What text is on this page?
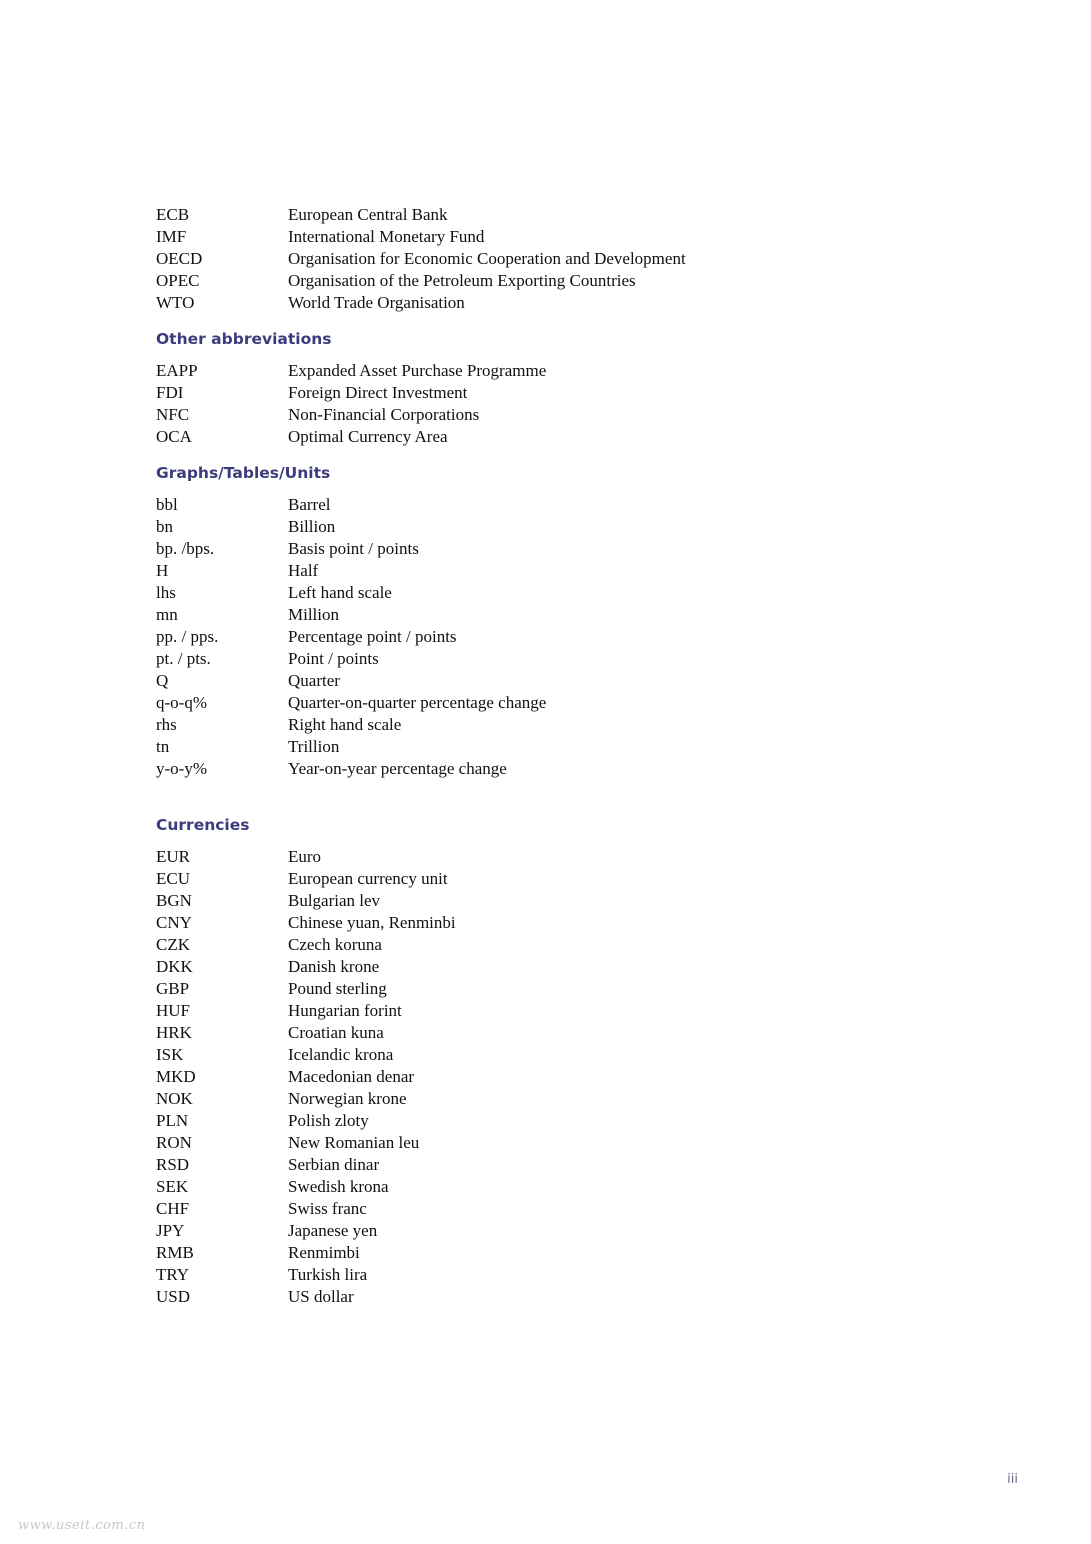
ECB	European Central Bank
IMF	International Monetary Fund
OECD	Organisation for Economic Cooperation and Development
OPEC	Organisation of the Petroleum Exporting Countries
WTO	World Trade Organisation
Other abbreviations
EAPP	Expanded Asset Purchase Programme
FDI	Foreign Direct Investment
NFC	Non-Financial Corporations
OCA	Optimal Currency Area
Graphs/Tables/Units
bbl	Barrel
bn	Billion
bp. /bps.	Basis point / points
H	Half
lhs	Left hand scale
mn	Million
pp. / pps.	Percentage point / points
pt. / pts.	Point / points
Q	Quarter
q-o-q%	Quarter-on-quarter percentage change
rhs	Right hand scale
tn	Trillion
y-o-y%	Year-on-year percentage change
Currencies
EUR	Euro
ECU	European currency unit
BGN	Bulgarian lev
CNY	Chinese yuan, Renminbi
CZK	Czech koruna
DKK	Danish krone
GBP	Pound sterling
HUF	Hungarian forint
HRK	Croatian kuna
ISK	Icelandic krona
MKD	Macedonian denar
NOK	Norwegian krone
PLN	Polish zloty
RON	New Romanian leu
RSD	Serbian dinar
SEK	Swedish krona
CHF	Swiss franc
JPY	Japanese yen
RMB	Renmimbi
TRY	Turkish lira
USD	US dollar
iii
www.useit.com.cn
